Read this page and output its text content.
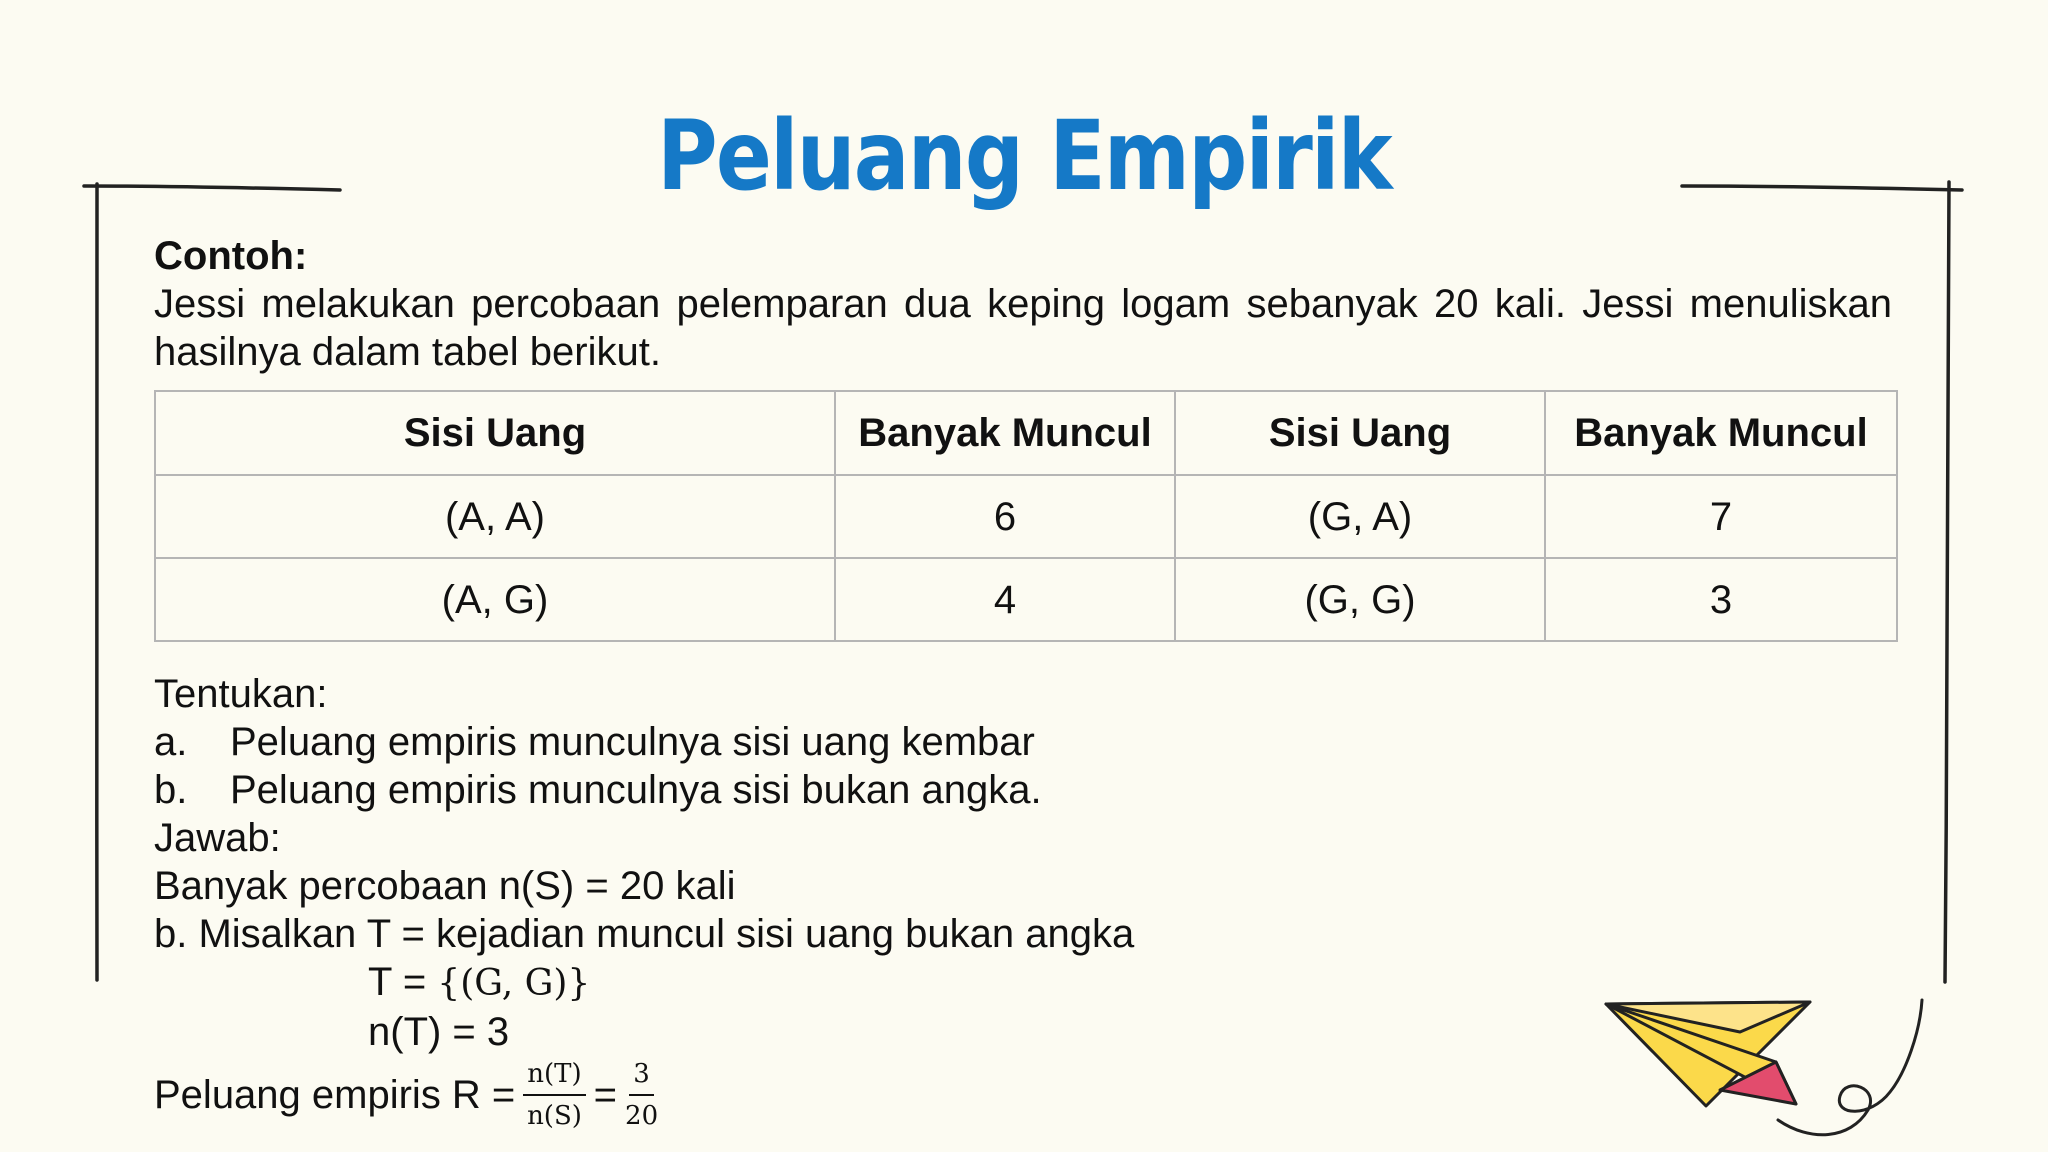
Peluang Empirik
Contoh:
Jessi melakukan percobaan pelemparan dua keping logam sebanyak 20 kali. Jessi menuliskan hasilnya dalam tabel berikut.
Sisi Uang	Banyak Muncul	Sisi Uang	Banyak Muncul
(A, A)	6	(G, A)	7
(A, G)	4	(G, G)	3
Tentukan:
a.	Peluang empiris munculnya sisi uang kembar
b.	Peluang empiris munculnya sisi bukan angka.
Jawab:
Banyak percobaan n(S) = 20 kali
b. Misalkan T = kejadian muncul sisi uang bukan angka
T = {(G, G)}
n(T) = 3
Peluang empiris $R = \frac{n(T)}{n(S)} = \frac{3}{20}$
